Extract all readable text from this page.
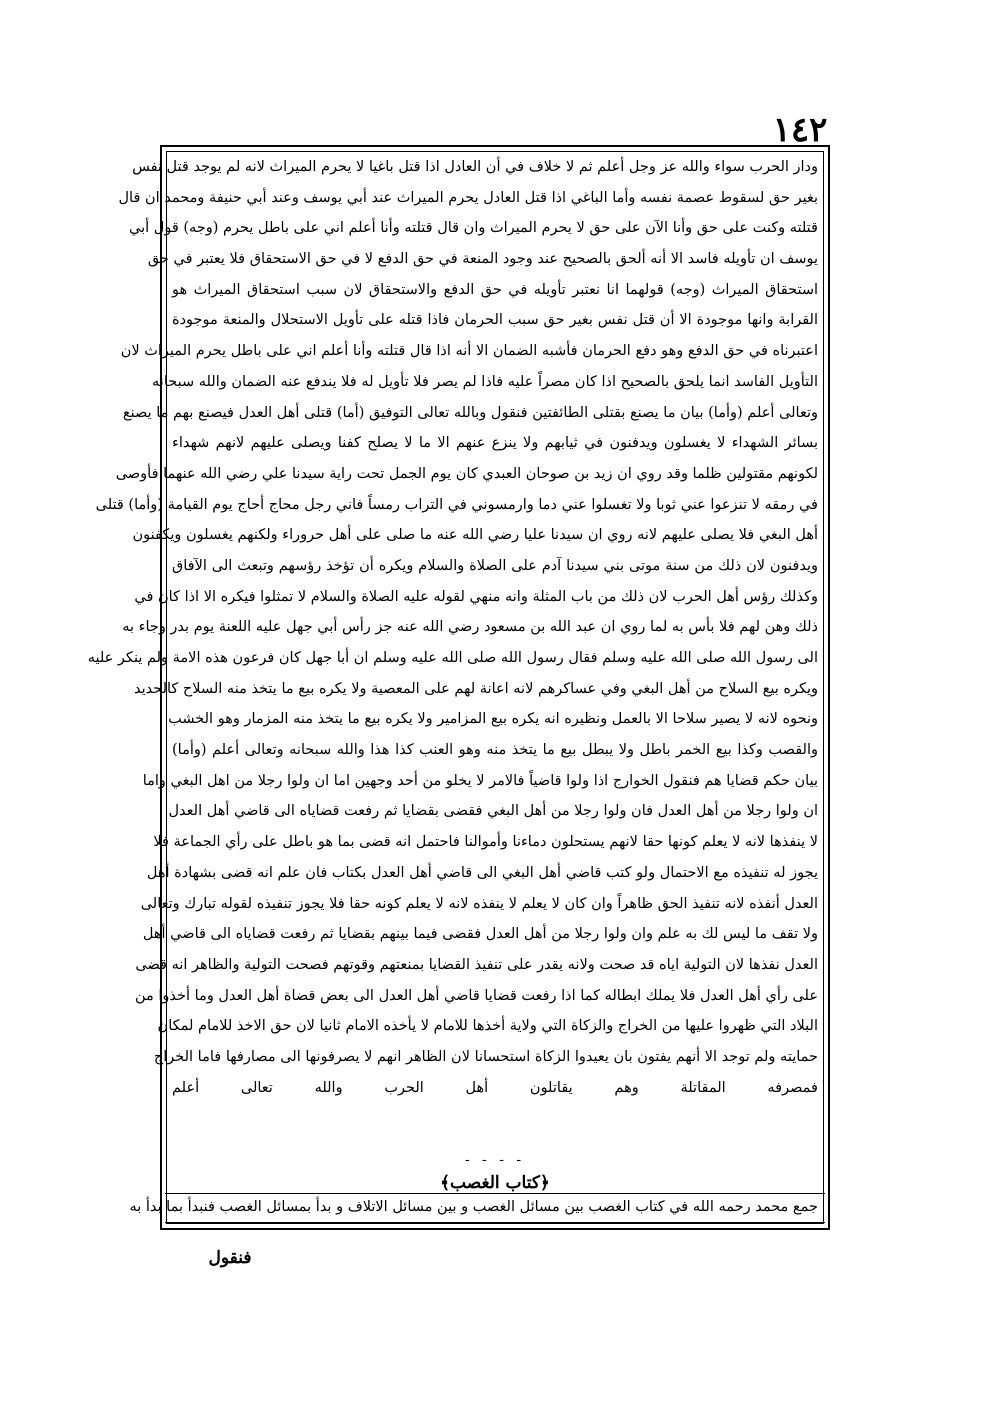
١٤٢
ودار الحرب سواء والله عز وجل أعلم ثم لا خلاف في أن العادل اذا قتل باغيا لا يحرم الميراث لانه لم يوجد قتل نفس
بغير حق لسقوط عصمة نفسه وأما الباغي اذا قتل العادل يحرم الميراث عند أبي يوسف وعند أبي حنيفة ومحمد ان قال
قتلته وكنت على حق وأنا الآن على حق لا يحرم الميراث وان قال قتلته وأنا أعلم اني على باطل يحرم (وجه) قول أبي
يوسف ان تأويله فاسد الا أنه ألحق بالصحيح عند وجود المنعة في حق الدفع لا في حق الاستحقاق فلا يعتبر في حق
استحقاق الميراث (وجه) قولهما انا نعتبر تأويله في حق الدفع والاستحقاق لان سبب استحقاق الميراث هو
القرابة وانها موجودة الا أن قتل نفس بغير حق سبب الحرمان فاذا قتله على تأويل الاستحلال والمنعة موجودة
اعتبرناه في حق الدفع وهو دفع الحرمان فأشبه الضمان الا أنه اذا قال قتلته وأنا أعلم اني على باطل يحرم الميراث لان
التأويل الفاسد انما يلحق بالصحيح اذا كان مصراً عليه فاذا لم يصر فلا تأويل له فلا يندفع عنه الضمان والله سبحانه
وتعالى أعلم (وأما) بيان ما يصنع بقتلى الطائفتين فنقول وبالله تعالى التوفيق (أما) قتلى أهل العدل فيصنع بهم ما يصنع
بسائر الشهداء لا يغسلون ويدفنون في ثيابهم ولا ينزع عنهم الا ما لا يصلح كفنا ويصلى عليهم لانهم شهداء
لكونهم مقتولين ظلما وقد روي ان زيد بن صوحان العبدي كان يوم الجمل تحت راية سيدنا علي رضي الله عنهما فأوصى
في رمقه لا تنزعوا عني ثوبا ولا تغسلوا عني دما وارمسوني في التراب رمساً فاني رجل محاج أحاج يوم القيامة (وأما) قتلى
أهل البغي فلا يصلى عليهم لانه روي ان سيدنا عليا رضي الله عنه ما صلى على أهل حروراء ولكنهم يغسلون ويكفنون
ويدفنون لان ذلك من سنة موتى بني سيدنا آدم على الصلاة والسلام ويكره أن تؤخذ رؤسهم وتبعث الى الآفاق
وكذلك رؤس أهل الحرب لان ذلك من باب المثلة وانه منهي لقوله عليه الصلاة والسلام لا تمثلوا فيكره الا اذا كان في
ذلك وهن لهم فلا بأس به لما روي ان عبد الله بن مسعود رضي الله عنه جز رأس أبي جهل عليه اللعنة يوم بدر وجاء به
الى رسول الله صلى الله عليه وسلم فقال رسول الله صلى الله عليه وسلم ان أبا جهل كان فرعون هذه الامة ولم ينكر عليه
ويكره بيع السلاح من أهل البغي وفي عساكرهم لانه اعانة لهم على المعصية ولا يكره بيع ما يتخذ منه السلاح كالحديد
ونحوه لانه لا يصير سلاحا الا بالعمل ونظيره انه يكره بيع المزامير ولا يكره بيع ما يتخذ منه المزمار وهو الخشب
والقصب وكذا بيع الخمر باطل ولا يبطل بيع ما يتخذ منه وهو العنب كذا هذا والله سبحانه وتعالى أعلم (وأما)
بيان حكم قضايا هم فنقول الخوارج اذا ولوا قاضياً فالامر لا يخلو من أحد وجهين اما ان ولوا رجلا من اهل البغي واما
ان ولوا رجلا من أهل العدل فان ولوا رجلا من أهل البغي فقضى بقضايا ثم رفعت قضاياه الى قاضي أهل العدل
لا ينفذها لانه لا يعلم كونها حقا لانهم يستحلون دماءنا وأموالنا فاحتمل انه قضى بما هو باطل على رأي الجماعة فلا
يجوز له تنفيذه مع الاحتمال ولو كتب قاضي أهل البغي الى قاضي أهل العدل بكتاب فان علم انه قضى بشهادة أهل
العدل أنفذه لانه تنفيذ الحق ظاهراً وان كان لا يعلم لا ينفذه لانه لا يعلم كونه حقا فلا يجوز تنفيذه لقوله تبارك وتعالى
ولا تقف ما ليس لك به علم وان ولوا رجلا من أهل العدل فقضى فيما بينهم بقضايا ثم رفعت قضاياه الى قاضي أهل
العدل نفذها لان التولية اياه قد صحت ولانه يقدر على تنفيذ القضايا بمنعتهم وقوتهم فصحت التولية والظاهر انه قضى
على رأي أهل العدل فلا يملك ابطاله كما اذا رفعت قضايا قاضي أهل العدل الى بعض قضاة أهل العدل وما أخذوا من
البلاد التي ظهروا عليها من الخراج والزكاة التي ولاية أخذها للامام لا يأخذه الامام ثانيا لان حق الاخذ للامام لمكان
حمايته ولم توجد الا أنهم يفتون بان يعيدوا الزكاة استحسانا لان الظاهر انهم لا يصرفونها الى مصارفها فاما الخراج
فمصرفه المقاتلة وهم يقاتلون أهل الحرب والله تعالى أعلم
- - - -
﴿كتاب الغصب﴾
جمع محمد رحمه الله في كتاب الغصب بين مسائل الغصب و بين مسائل الاتلاف و بدأ بمسائل الغصب فنبدأ بما بدأ به
فنقول
